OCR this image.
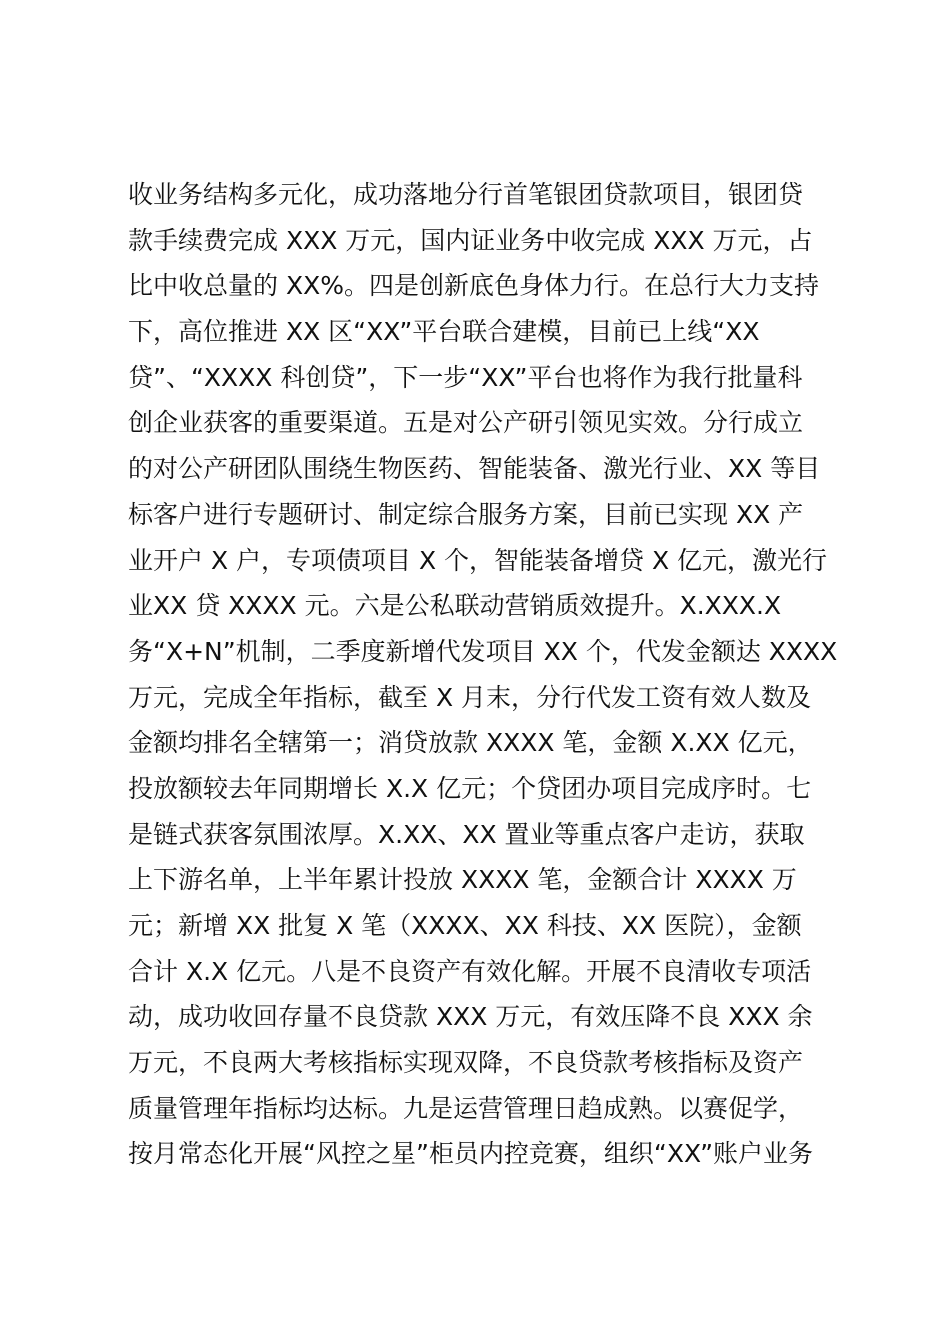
收业务结构多元化，成功落地分行首笔银团贷款项目，银团贷
款手续费完成 XXX 万元，国内证业务中收完成 XXX 万元，占
比中收总量的 XX%。四是创新底色身体力行。在总行大力支持
下，高位推进 XX 区“XX”平台联合建模，目前已上线“XX
贷”、“XXXX 科创贷”，下一步“XX”平台也将作为我行批量科
创企业获客的重要渠道。五是对公产研引领见实效。分行成立
的对公产研团队围绕生物医药、智能装备、激光行业、XX 等目
标客户进行专题研讨、制定综合服务方案，目前已实现 XX 产
业开户 X 户，专项债项目 X 个，智能装备增贷 X 亿元，激光行
业XX 贷 XXXX 元。六是公私联动营销质效提升。X.XXX.X
务“X+N”机制，二季度新增代发项目 XX 个，代发金额达 XXXX
万元，完成全年指标，截至 X 月末，分行代发工资有效人数及
金额均排名全辖第一；消贷放款 XXXX 笔，金额 X.XX 亿元，
投放额较去年同期增长 X.X 亿元；个贷团办项目完成序时。七
是链式获客氛围浓厚。X.XX、XX 置业等重点客户走访，获取
上下游名单，上半年累计投放 XXXX 笔，金额合计 XXXX 万
元；新增 XX 批复 X 笔（XXXX、XX 科技、XX 医院），金额
合计 X.X 亿元。八是不良资产有效化解。开展不良清收专项活
动，成功收回存量不良贷款 XXX 万元，有效压降不良 XXX 余
万元，不良两大考核指标实现双降，不良贷款考核指标及资产
质量管理年指标均达标。九是运营管理日趋成熟。以赛促学，
按月常态化开展“风控之星”柜员内控竞赛，组织“XX”账户业务
